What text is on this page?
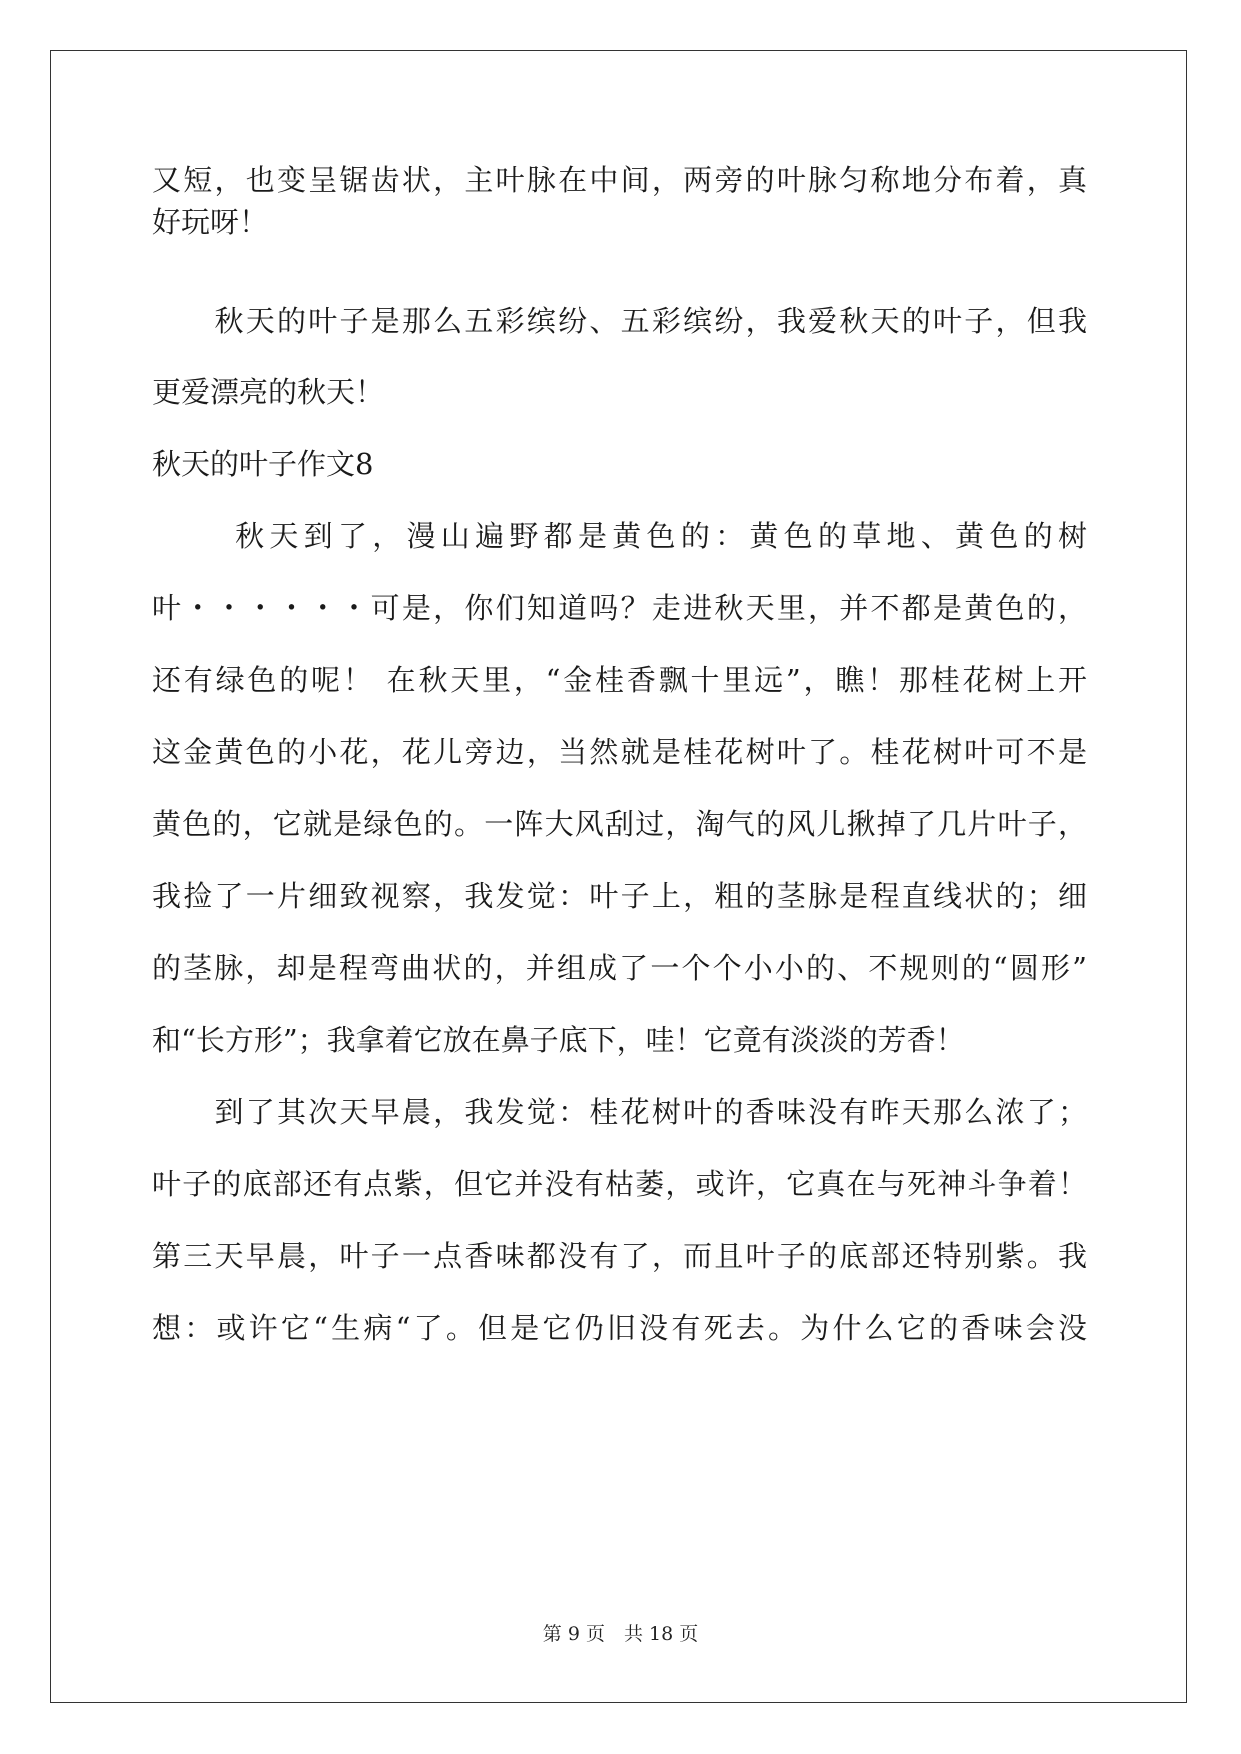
又短，也变呈锯齿状，主叶脉在中间，两旁的叶脉匀称地分布着，真
好玩呀！
　　秋天的叶子是那么五彩缤纷、五彩缤纷，我爱秋天的叶子，但我
更爱漂亮的秋天！
秋天的叶子作文8
　　 秋天到了，漫山遍野都是黄色的：黄色的草地、黄色的树
叶・・・・・・可是，你们知道吗？走进秋天里，并不都是黄色的，
还有绿色的呢！ 在秋天里，“金桂香飘十里远”，瞧！那桂花树上开
这金黄色的小花，花儿旁边，当然就是桂花树叶了。桂花树叶可不是
黄色的，它就是绿色的。一阵大风刮过，淘气的风儿揪掉了几片叶子，
我捡了一片细致视察，我发觉：叶子上，粗的茎脉是程直线状的；细
的茎脉，却是程弯曲状的，并组成了一个个小小的、不规则的“圆形”
和“长方形”；我拿着它放在鼻子底下，哇！它竟有淡淡的芳香！
　　到了其次天早晨，我发觉：桂花树叶的香味没有昨天那么浓了；
叶子的底部还有点紫，但它并没有枯萎，或许，它真在与死神斗争着！
第三天早晨，叶子一点香味都没有了，而且叶子的底部还特别紫。我
想：或许它“生病“了。但是它仍旧没有死去。为什么它的香味会没
第 9 页　共 18 页
